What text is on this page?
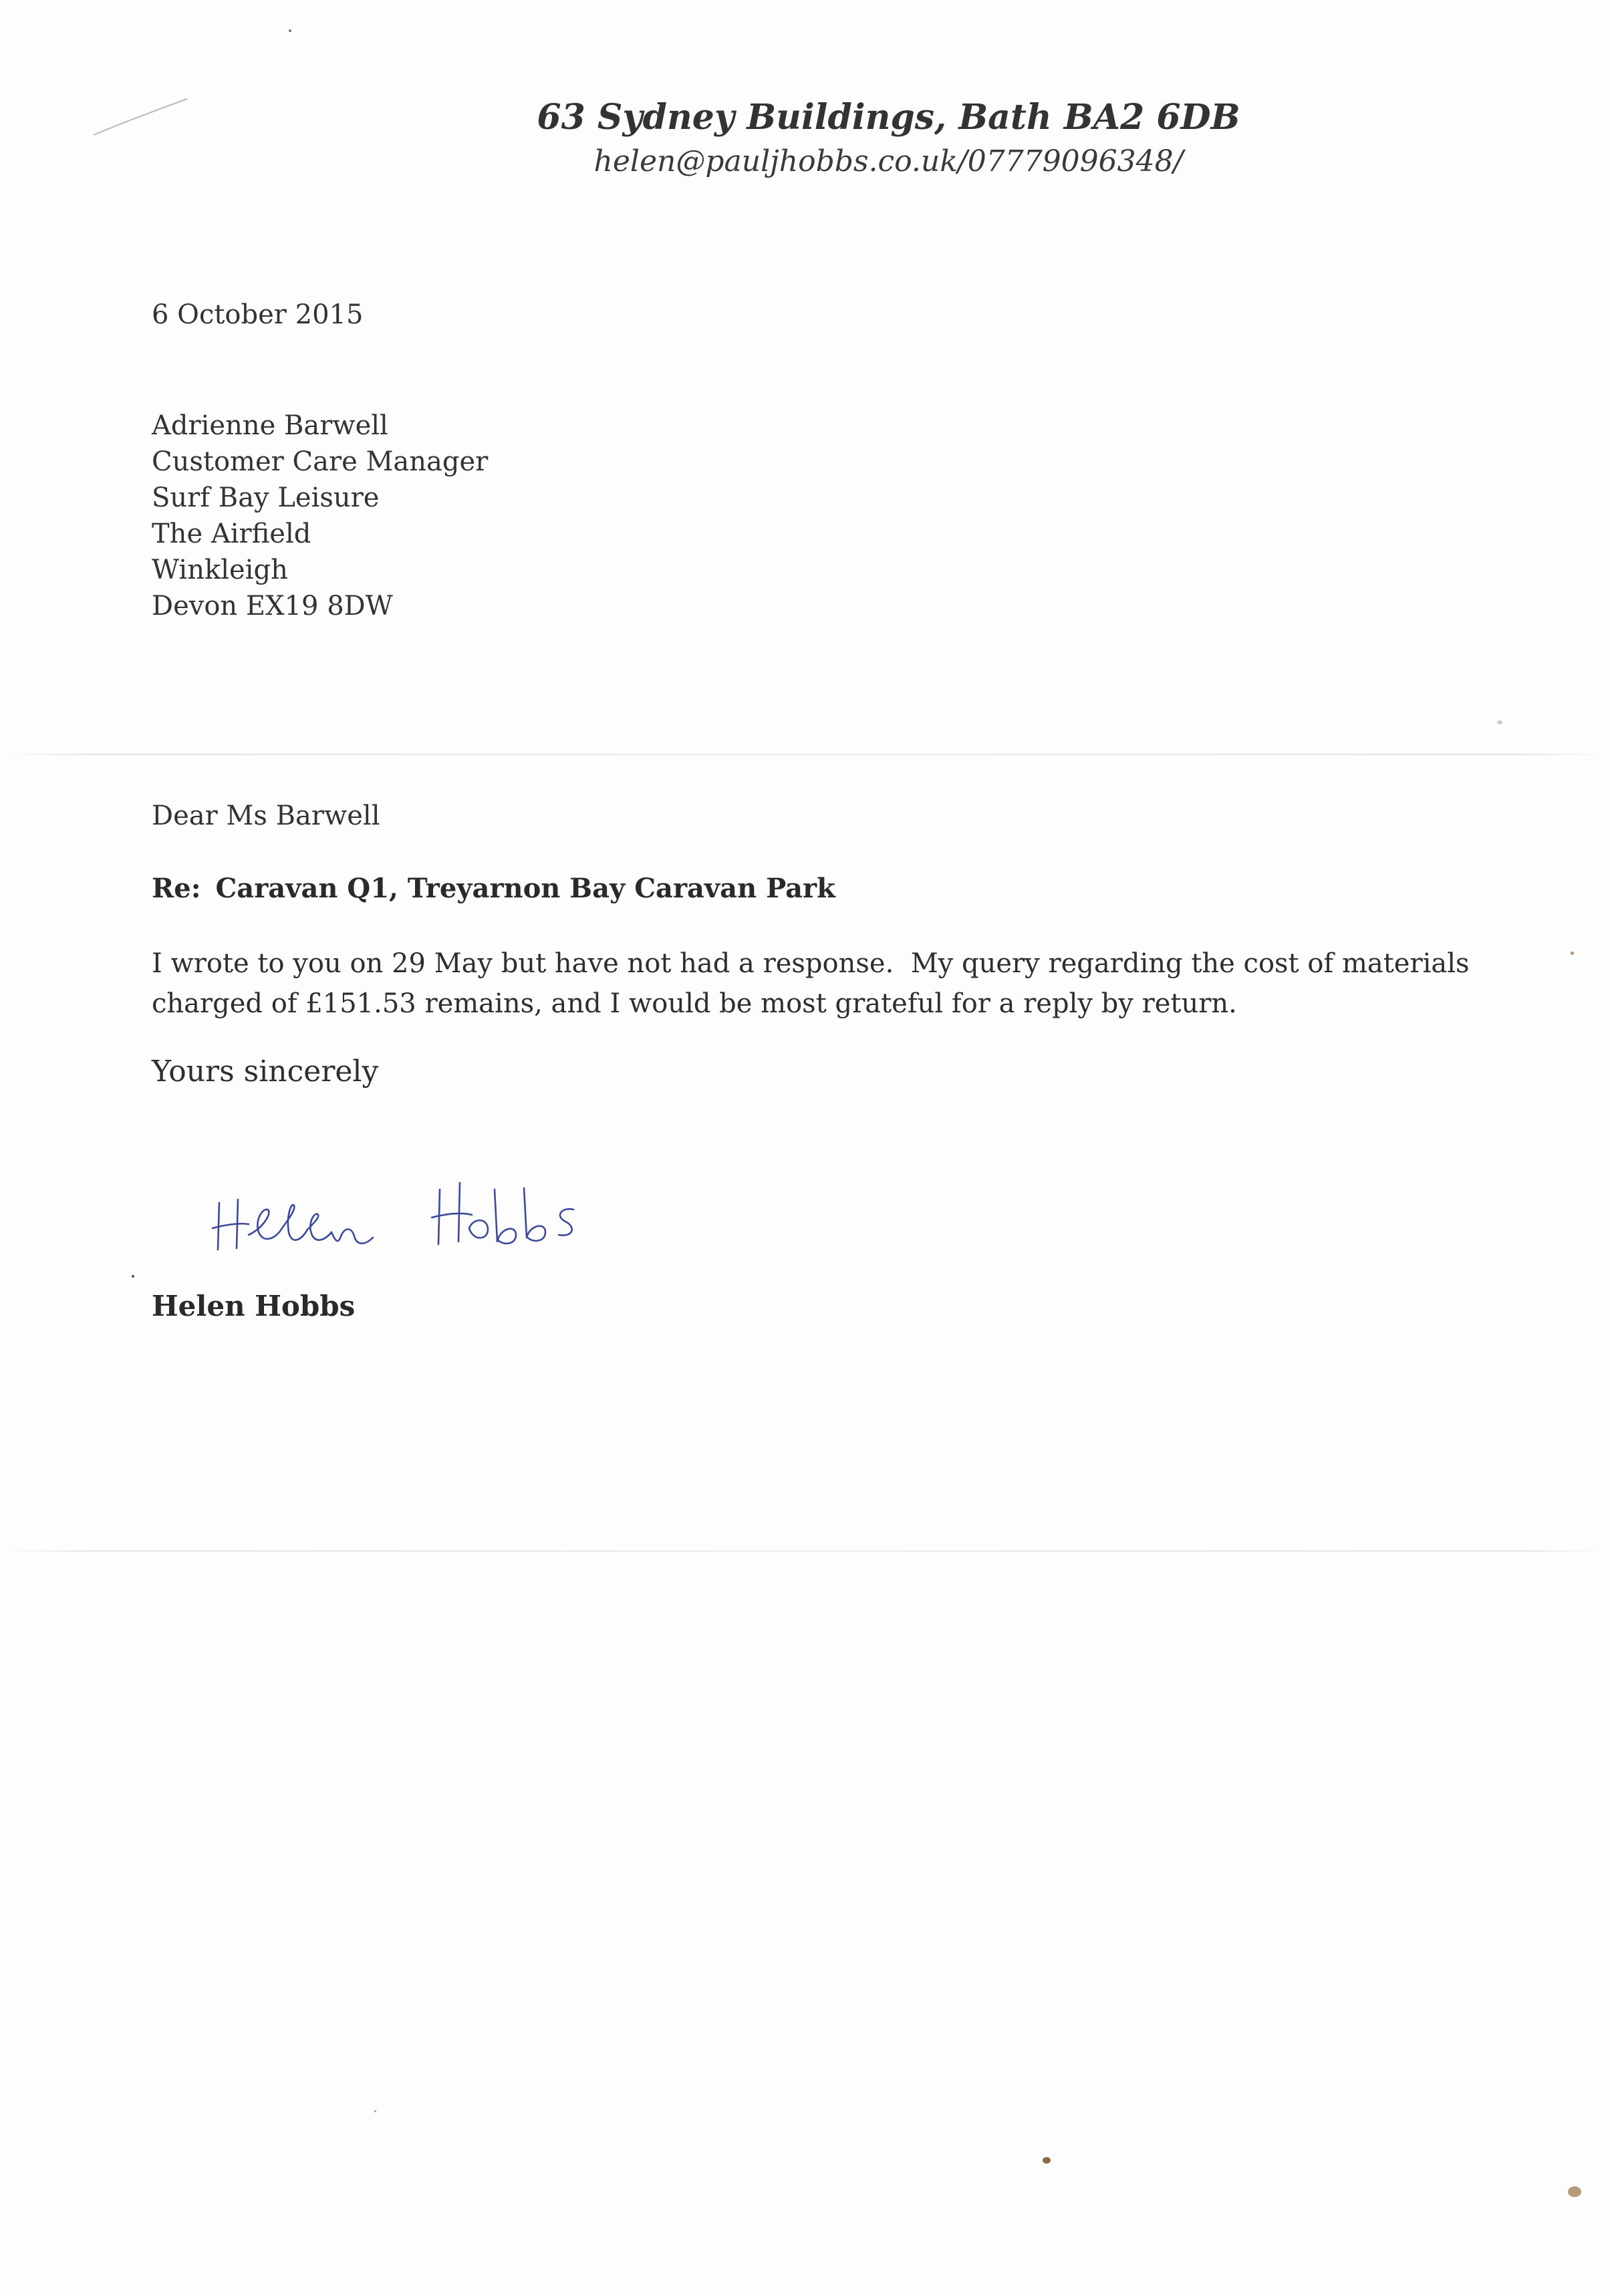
63 Sydney Buildings, Bath BA2 6DB
helen@pauljhobbs.co.uk/07779096348/
6 October 2015
Adrienne Barwell
Customer Care Manager
Surf Bay Leisure
The Airfield
Winkleigh
Devon EX19 8DW
Dear Ms Barwell
Re: Caravan Q1, Treyarnon Bay Caravan Park
I wrote to you on 29 May but have not had a response.  My query regarding the cost of materials
charged of £151.53 remains, and I would be most grateful for a reply by return.
Yours sincerely
Helen Hobbs
